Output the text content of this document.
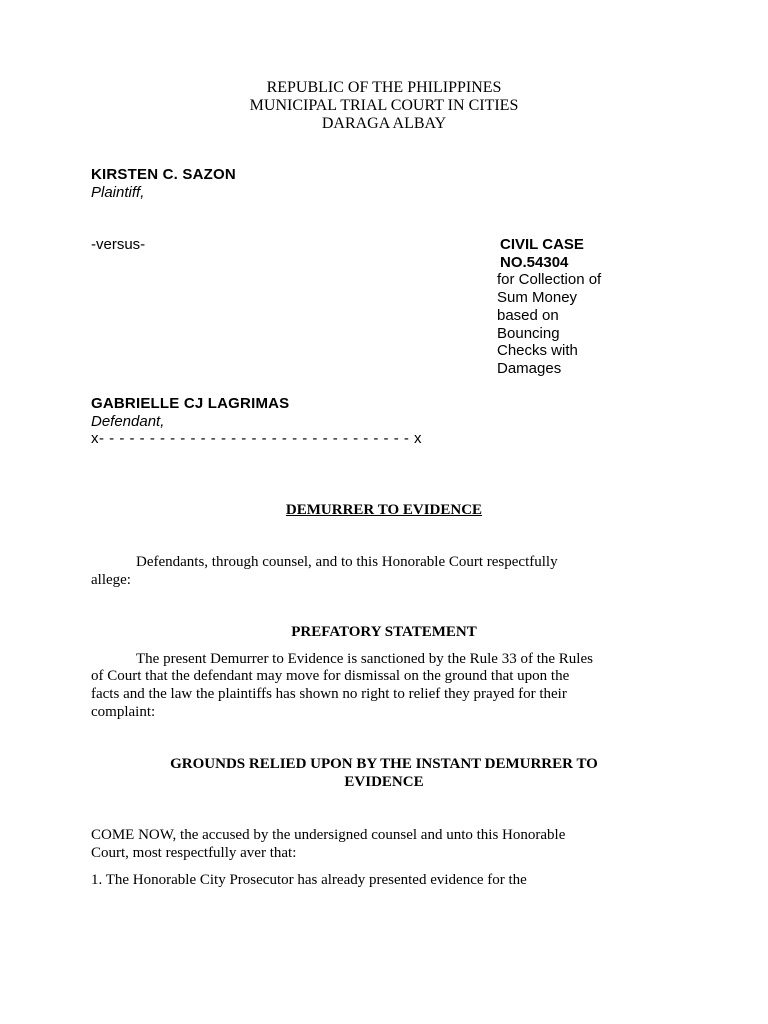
REPUBLIC OF THE PHILIPPINES
MUNICIPAL TRIAL COURT IN CITIES
DARAGA ALBAY
KIRSTEN C. SAZON
Plaintiff,
-versus-	CIVIL CASE
NO.54304
for Collection of
Sum Money
based on
Bouncing
Checks with
Damages
GABRIELLE CJ LAGRIMAS
Defendant,
x- - - - - - - - - - - - - - - - - - - - - - - - - - - - - - - x
DEMURRER TO EVIDENCE
Defendants, through counsel, and to this Honorable Court respectfully
allege:
PREFATORY STATEMENT
The present Demurrer to Evidence is sanctioned by the Rule 33 of the Rules
of Court that the defendant may move for dismissal on the ground that upon the
facts and the law the plaintiffs has shown no right to relief they prayed for their
complaint:
GROUNDS RELIED UPON BY THE INSTANT DEMURRER TO
EVIDENCE
COME NOW, the accused by the undersigned counsel and unto this Honorable
Court, most respectfully aver that:
1. The Honorable City Prosecutor has already presented evidence for the
